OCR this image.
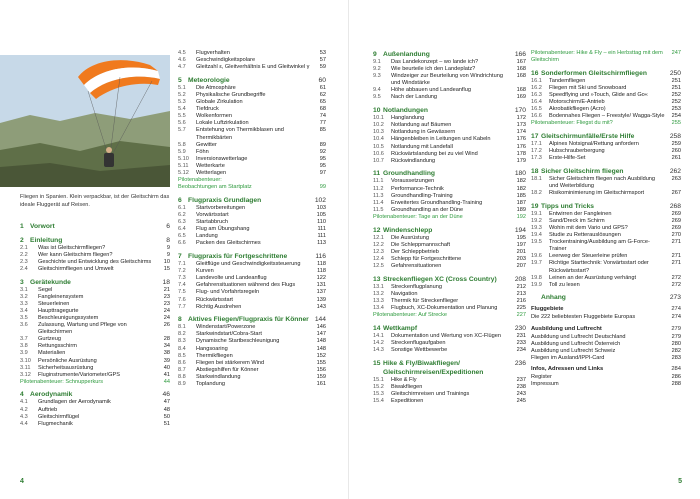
Fliegen in Spanien. Klein verpackbar, ist der Gleitschirm das ideale Fluggerät auf Reisen.
1 Vorwort	6
2 Einleitung	8
2.1	Was ist Gleitschirmfliegen?	9
2.2	Wer kann Gleitschirm fliegen?	9
2.3	Geschichte und Entwicklung des Gleitschirms	10
2.4	Gleitschirmfliegen und Umwelt	15
3 Gerätekunde	18
3.1	Segel	21
3.2	Fangleinensystem	23
3.3	Steuerleinen	23
3.4	Haupttragegurte	24
3.5	Beschleunigungssystem	24
3.6	Zulassung, Wartung und Pflege von Gleitschirmen
26
3.7	Gurtzeug	28
3.8	Rettungsschirm	34
3.9	Materialien	38
3.10	Persönliche Ausrüstung	39
3.11	Sicherheitsausrüstung	40
3.12	Fluginstrumente/Variometer/GPS	41
Pilotenabenteuer: Schnupperkurs	44
4 Aerodynamik	46
4.1	Grundlagen der Aerodynamik	47
4.2	Auftrieb	48
4.3	Gleitschirmflügel	50
4.4	Flugmechanik	51
4.5	Flugverhalten	53
4.6	Geschwindigkeitspolare	57
4.7	Gleitzahl ε, Gleitverhältnis E und Gleitwinkel γ	59
5 Meteorologie	60
5.1	Die Atmosphäre	61
5.2	Physikalische Grundbegriffe	62
5.3	Globale Zirkulation	65
5.4	Tiefdruck	68
5.5	Wolkenformen	74
5.6	Lokale Luftzirkulation	77
5.7	Entstehung von Thermikblasen und Thermikbärten
85
5.8	Gewitter	89
5.9	Föhn	92
5.10	Inversionswetterlage	95
5.11	Wetterkarte	95
5.12	Wetterlagen	97
Pilotenabenteuer:
Beobachtungen am Startplatz	99
6 Flugpraxis Grundlagen	102
6.1	Startvorbereitungen	103
6.2	Vorwärtsstart	105
6.3	Startabbruch	110
6.4	Flug am Übungshang	111
6.5	Landung	111
6.6	Packen des Gleitschirmes	113
7 Flugpraxis für Fortgeschrittene	116
7.1	Gleitflüge und Geschwindigkeitssteuerung	118
7.2	Kurven	118
7.3	Landevolte und Landeanflug	122
7.4	Gefahrensituationen während des Flugs	131
7.5	Flug- und Vorfahrtsregeln	137
7.6	Rückwärtsstart	139
7.7	Richtig Ausdrehen	143
8 Aktives Fliegen/Flugpraxis für Könner 144
8.1	Windenstart/Powerzone	146
8.2	Starkwindstart/Cobra-Start	147
8.3	Dynamische Startbeschleunigung	148
8.4	Hangsoaring	148
8.5	Thermikfliegen	152
8.6	Fliegen bei stärkerem Wind	155
8.7	Abstiegshilfen für Könner	156
8.8	Starkwindlandung	159
8.9	Toplandung	161
9 Außenlandung	166
9.1	Das Landekonzept – wo lande ich?	167
9.2	Wie beurteile ich den Landeplatz?	168
9.3	Windzeiger zur Beurteilung von Windrichtung und Windstärke
168
9.4	Höhe abbauen und Landeanflug	168
9.5	Nach der Landung	169
10 Notlandungen	170
10.1	Hanglandung	172
10.2	Notlandung auf Bäumen	173
10.3	Notlandung in Gewässern	174
10.4	Hängenbleiben in Leitungen und Kabeln	176
10.5	Notlandung mit Landefall	176
10.6	Rückwärtslandung bei zu viel Wind	178
10.7	Rückwindlandung	179
11 Groundhandling	180
11.1	Voraussetzungen	182
11.2	Performance-Technik	182
11.3	Groundhandling-Training	185
11.4	Erweitertes Groundhandling-Training	187
11.5	Groundhandling an der Düne	189
Pilotenabenteuer: Tage an der Düne	192
12 Windenschlepp	194
12.1	Die Ausrüstung	195
12.2	Die Schleppmannschaft	197
12.3	Der Schleppbetrieb	201
12.4	Schlepp für Fortgeschrittene	203
12.5	Gefahrensituationen	207
13 Streckenfliegen XC (Cross Country)	208
13.1	Streckenflugplanung	212
13.2	Navigation	213
13.3	Thermik für Streckenflieger	216
13.4	Flugbuch, XC-Dokumentation und Planung	225
Pilotenabenteuer: Auf Strecke	227
14 Wettkampf	230
14.1	Dokumentation und Wertung von XC-Flügen	231
14.2	Streckenflugaufgaben	233
14.3	Sonstige Wettbewerbe	234
15 Hike & Fly/Biwakfliegen/ Gleitschirmreisen/Expeditionen
236
15.1	Hike & Fly	237
15.2	Biwakfliegen	238
15.3	Gleitschirmreisen und Trainings	243
15.4	Expeditionen	245
Pilotenabenteuer: Hike & Fly – ein Herbsttag mit dem Gleitschirm
247
16 Sonderformen Gleitschirmfliegen	250
16.1	Tandemfliegen	251
16.2	Fliegen mit Ski und Snowboard	251
16.3	Speedflying und »Touch, Glide and Go«	252
16.4	Motorschirm/E-Antrieb	252
16.5	Akrobatikfliegen (Acro)	253
16.6	Bodennahes Fliegen – Freestyle/ Wagga-Style	254
Pilotenabenteuer: Fliegst du mit?	255
17 Gleitschirmunfälle/Erste Hilfe	258
17.1	Alpines Notsignal/Rettung anfordern	259
17.2	Hubschrauberbergung	260
17.3	Erste-Hilfe-Set	261
18 Sicher Gleitschirm fliegen	262
18.1	Sicher Gleitschirm fliegen nach Ausbildung und Weiterbildung
263
18.2	Risikominimierung im Gleitschirmsport	267
19 Tipps und Tricks	268
19.1	Entwirren der Fangleinen	269
19.2	Sand/Dreck im Schirm	269
19.3	Wohin mit dem Vario und GPS?	269
19.4	Studie zu Retterauslösungen	270
19.5	Trockentraining/Ausbildung am G-Force-Trainer
271
19.6	Leerweg der Steuerleine prüfen	271
19.7	Richtige Starttechnik: Vorwärtsstart oder Rückwärtsstart?
271
19.8	Leinen an der Ausrüstung verhängt	272
19.9	Toll zu lesen	272
Anhang	273
Fluggebiete	274
Die 222 beliebtesten Fluggebiete Europas	274
Ausbildung und Luftrecht	279
Ausbildung und Luftrecht Deutschland	279
Ausbildung und Luftrecht Österreich	280
Ausbildung und Luftrecht Schweiz	282
Fliegen im Ausland/IPPI-Card	283
Infos, Adressen und Links	284
Register	286
Impressum	288
4	5
